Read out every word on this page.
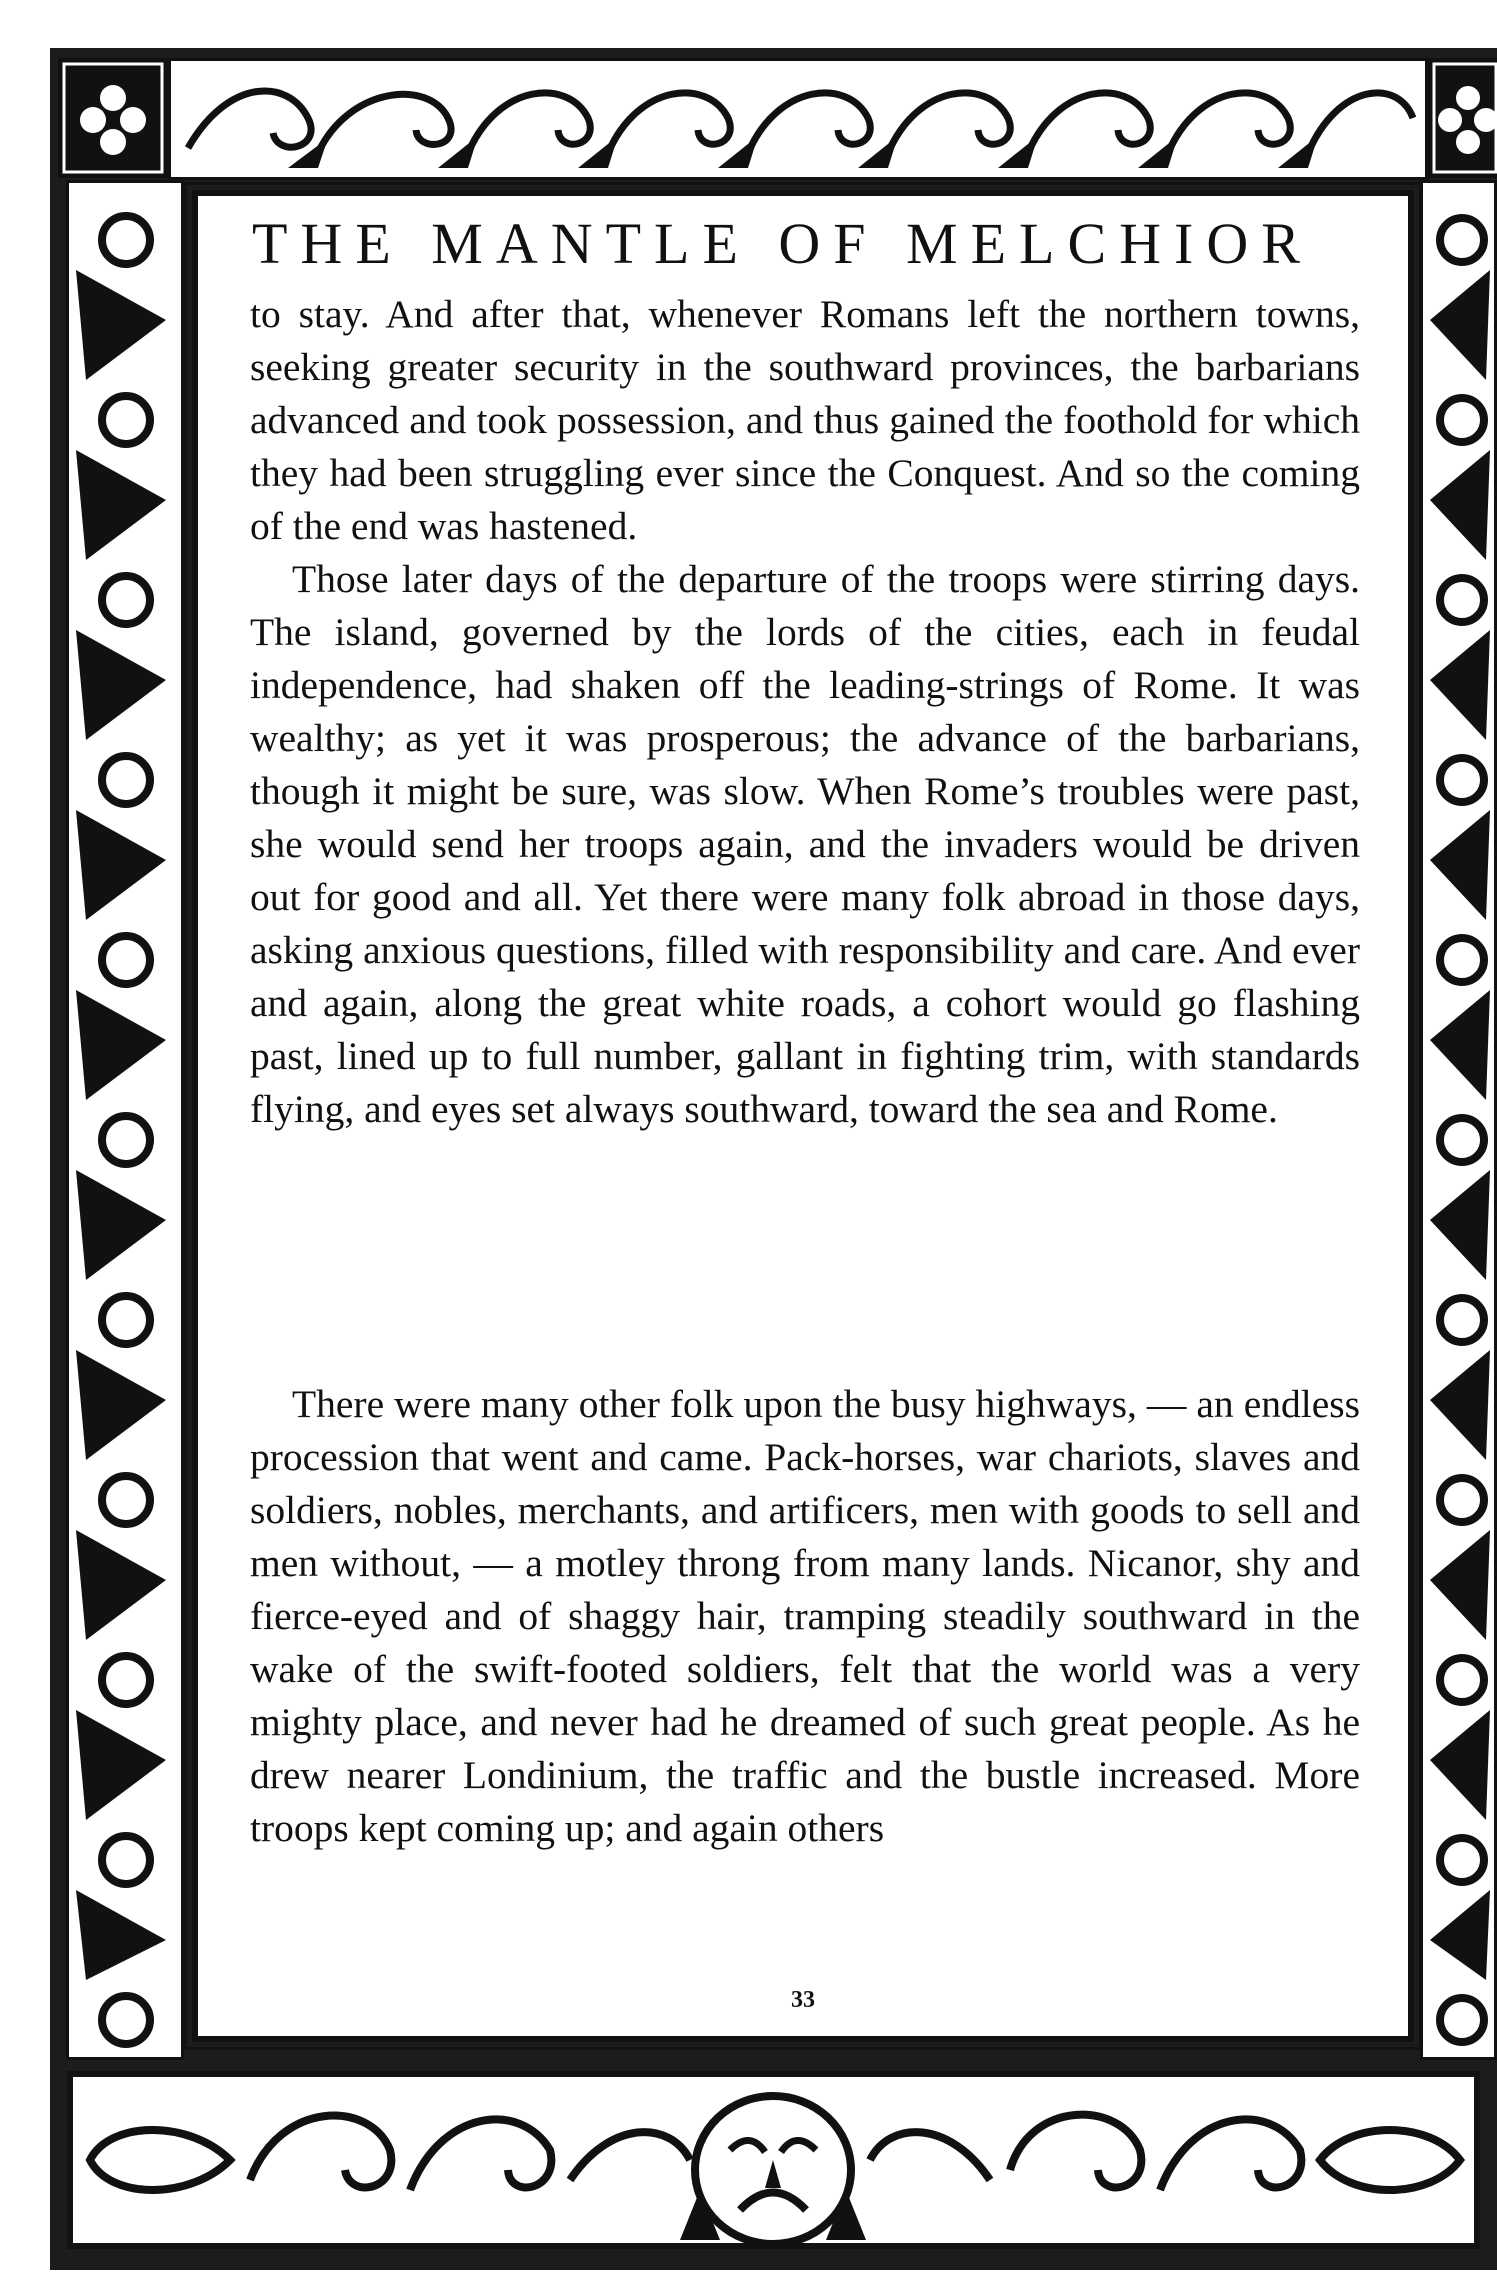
THE MANTLE OF MELCHIOR

to stay. And after that, whenever Romans left the northern towns, seeking greater security in the southward provinces, the barbarians advanced and took possession, and thus gained the foothold for which they had been struggling ever since the Conquest. And so the coming of the end was hastened.

Those later days of the departure of the troops were stirring days. The island, governed by the lords of the cities, each in feudal independence, had shaken off the leading-strings of Rome. It was wealthy; as yet it was prosperous; the advance of the barbarians, though it might be sure, was slow. When Rome’s troubles were past, she would send her troops again, and the invaders would be driven out for good and all. Yet there were many folk abroad in those days, asking anxious questions, filled with responsibility and care. And ever and again, along the great white roads, a cohort would go flashing past, lined up to full number, gallant in fighting trim, with standards flying, and eyes set always southward, toward the sea and Rome.

There were many other folk upon the busy highways, — an endless procession that went and came. Pack-horses, war chariots, slaves and soldiers, nobles, merchants, and artificers, men with goods to sell and men without, — a motley throng from many lands. Nicanor, shy and fierce-eyed and of shaggy hair, tramping steadily southward in the wake of the swift-footed soldiers, felt that the world was a very mighty place, and never had he dreamed of such great people. As he drew nearer Londinium, the traffic and the bustle increased. More troops kept coming up; and again others

33
